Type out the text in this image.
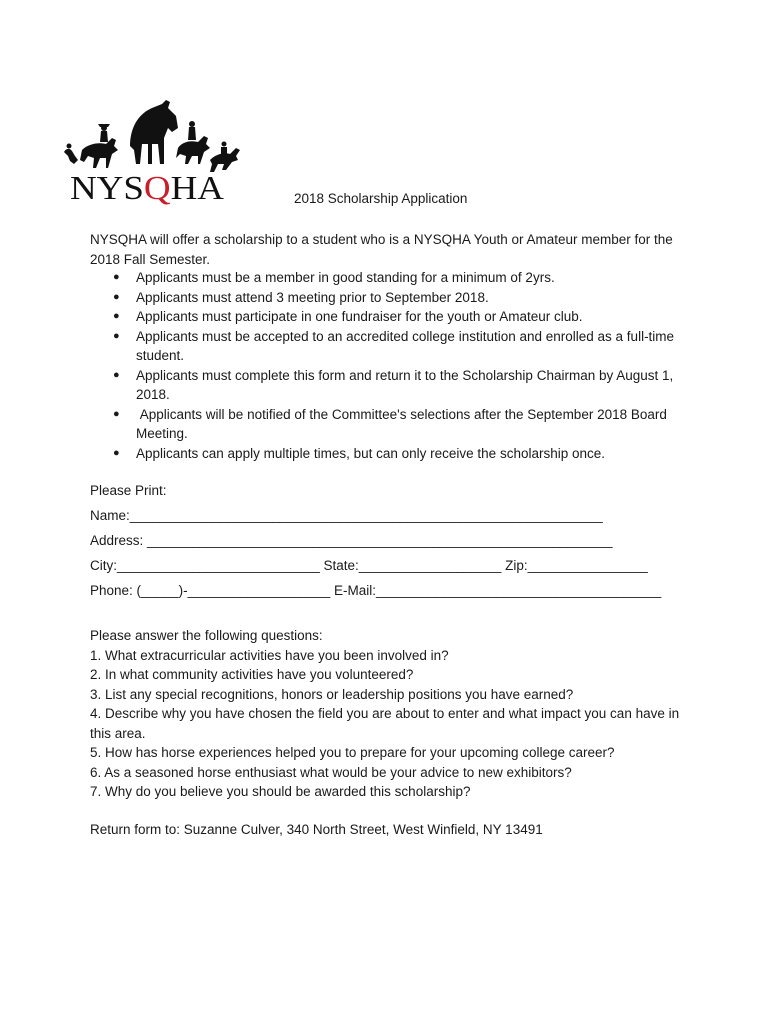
NYS QHA	2018 Scholarship Application
NYSQHA will offer a scholarship to a student who is a NYSQHA Youth or Amateur member for the 2018 Fall Semester.
● Applicants must be a member in good standing for a minimum of 2yrs.
● Applicants must attend 3 meeting prior to September 2018.
● Applicants must participate in one fundraiser for the youth or Amateur club.
● Applicants must be accepted to an accredited college institution and enrolled as a full-time student.
● Applicants must complete this form and return it to the Scholarship Chairman by August 1, 2018.
● Applicants will be notified of the Committee's selections after the September 2018 Board Meeting.
● Applicants can apply multiple times, but can only receive the scholarship once.
Please Print:
Name:_______________________________________________________________
Address: ______________________________________________________________
City:___________________________ State:___________________ Zip:________________
Phone: (_____)-___________________ E-Mail:______________________________________
Please answer the following questions:
1. What extracurricular activities have you been involved in?
2. In what community activities have you volunteered?
3. List any special recognitions, honors or leadership positions you have earned?
4. Describe why you have chosen the field you are about to enter and what impact you can have in this area.
5. How has horse experiences helped you to prepare for your upcoming college career?
6. As a seasoned horse enthusiast what would be your advice to new exhibitors?
7. Why do you believe you should be awarded this scholarship?
Return form to: Suzanne Culver, 340 North Street, West Winfield, NY 13491
